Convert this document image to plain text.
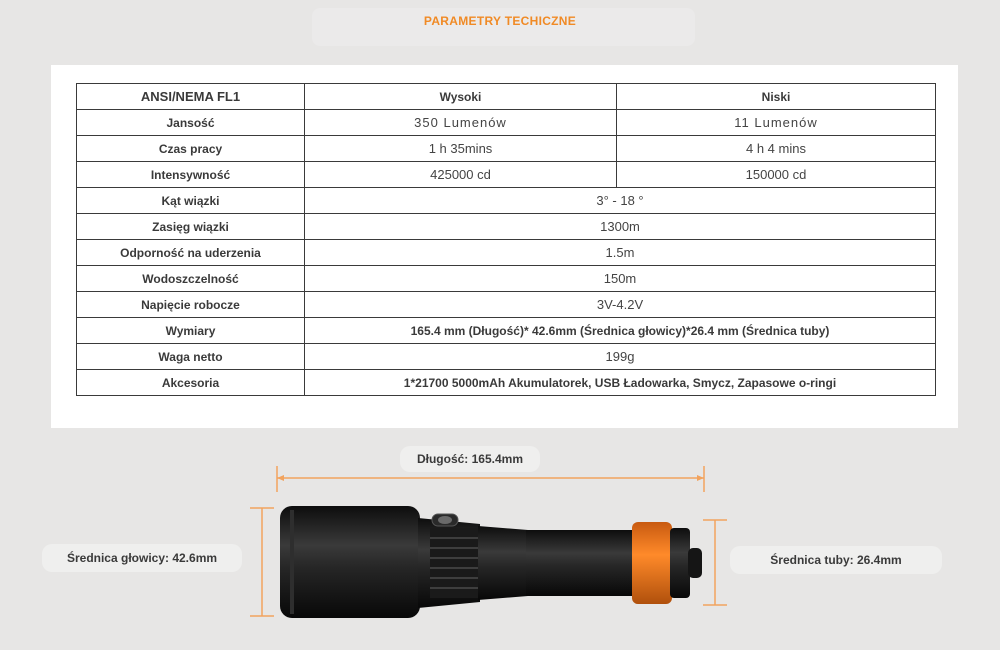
PARAMETRY TECHICZNE
ANSI/NEMA FL1	Wysoki	Niski
Jansość	350 Lumenów	11 Lumenów
Czas pracy	1 h 35mins	4 h 4 mins
Intensywność	425000 cd	150000 cd
Kąt wiązki	3° - 18 °	
Zasięg wiązki	1300m	
Odporność na uderzenia	1.5m	
Wodoszczelność	150m	
Napięcie robocze	3V-4.2V	
Wymiary	165.4 mm (Długość)* 42.6mm (Średnica głowicy)*26.4 mm (Średnica tuby)	
Waga netto	199g	
Akcesoria	1*21700 5000mAh Akumulatorek, USB Ładowarka, Smycz, Zapasowe o-ringi	
Długość: 165.4mm
Średnica głowicy: 42.6mm	Średnica tuby: 26.4mm
